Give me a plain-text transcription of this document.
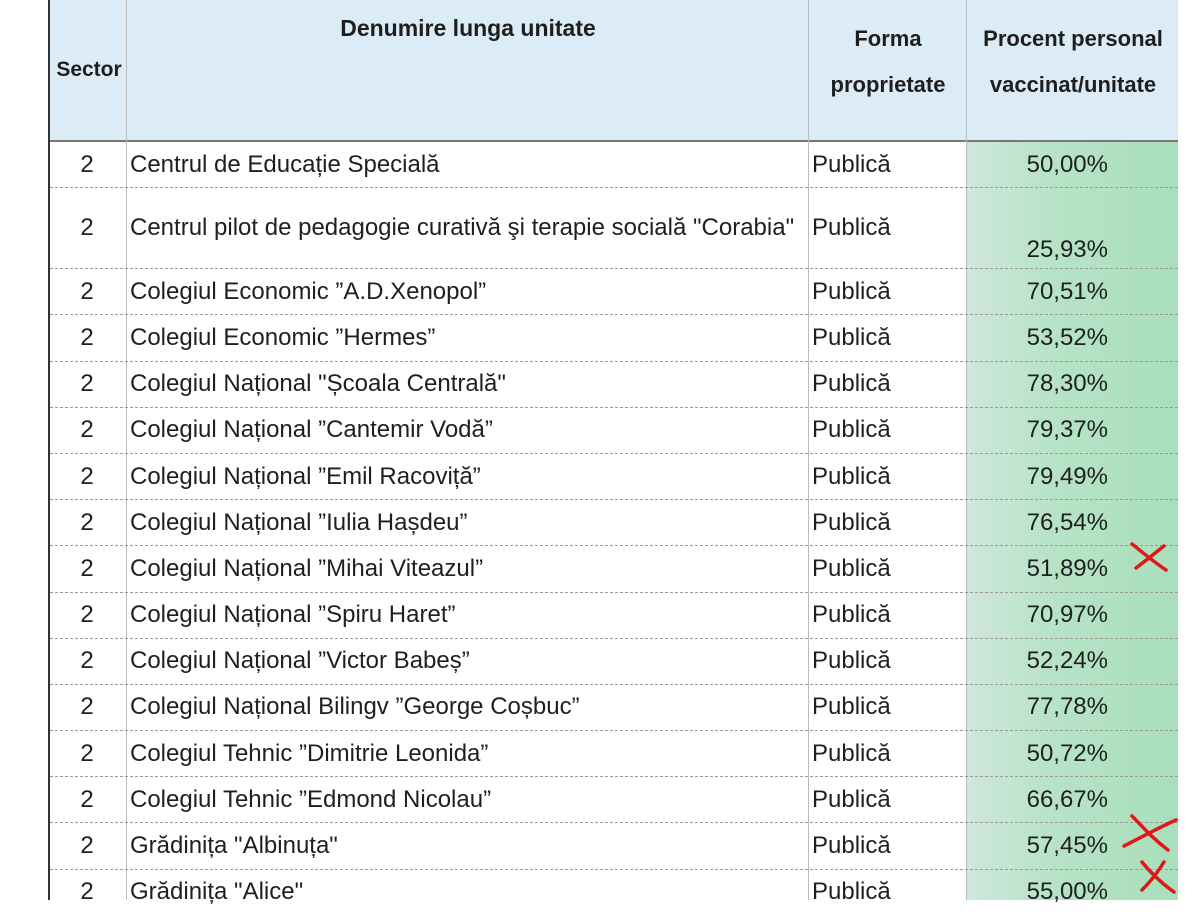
Sector
Denumire lunga unitate	Forma
proprietate
Procent personal
vaccinat/unitate
2	Centrul de Educație Specială	Publică	50,00%
2	Centrul pilot de pedagogie curativă şi terapie socială "Corabia" Publică
25,93%
2	Colegiul Economic ”A.D.Xenopol”	Publică	70,51%
2	Colegiul Economic ”Hermes”	Publică	53,52%
2	Colegiul Național "Școala Centrală"	Publică	78,30%
2	Colegiul Național ”Cantemir Vodă”	Publică	79,37%
2	Colegiul Național ”Emil Racoviță”	Publică	79,49%
2	Colegiul Național ”Iulia Hașdeu”	Publică	76,54%
2	Colegiul Național ”Mihai Viteazul”	Publică	51,89%
2	Colegiul Național ”Spiru Haret”	Publică	70,97%
2	Colegiul Național ”Victor Babeș”	Publică	52,24%
2	Colegiul Național Bilingv ”George Coșbuc”	Publică	77,78%
2	Colegiul Tehnic ”Dimitrie Leonida”	Publică	50,72%
2	Colegiul Tehnic ”Edmond Nicolau”	Publică	66,67%
2	Grădinița "Albinuța"	Publică	57,45%
2	Grădinița "Alice"	Publică	55,00%
